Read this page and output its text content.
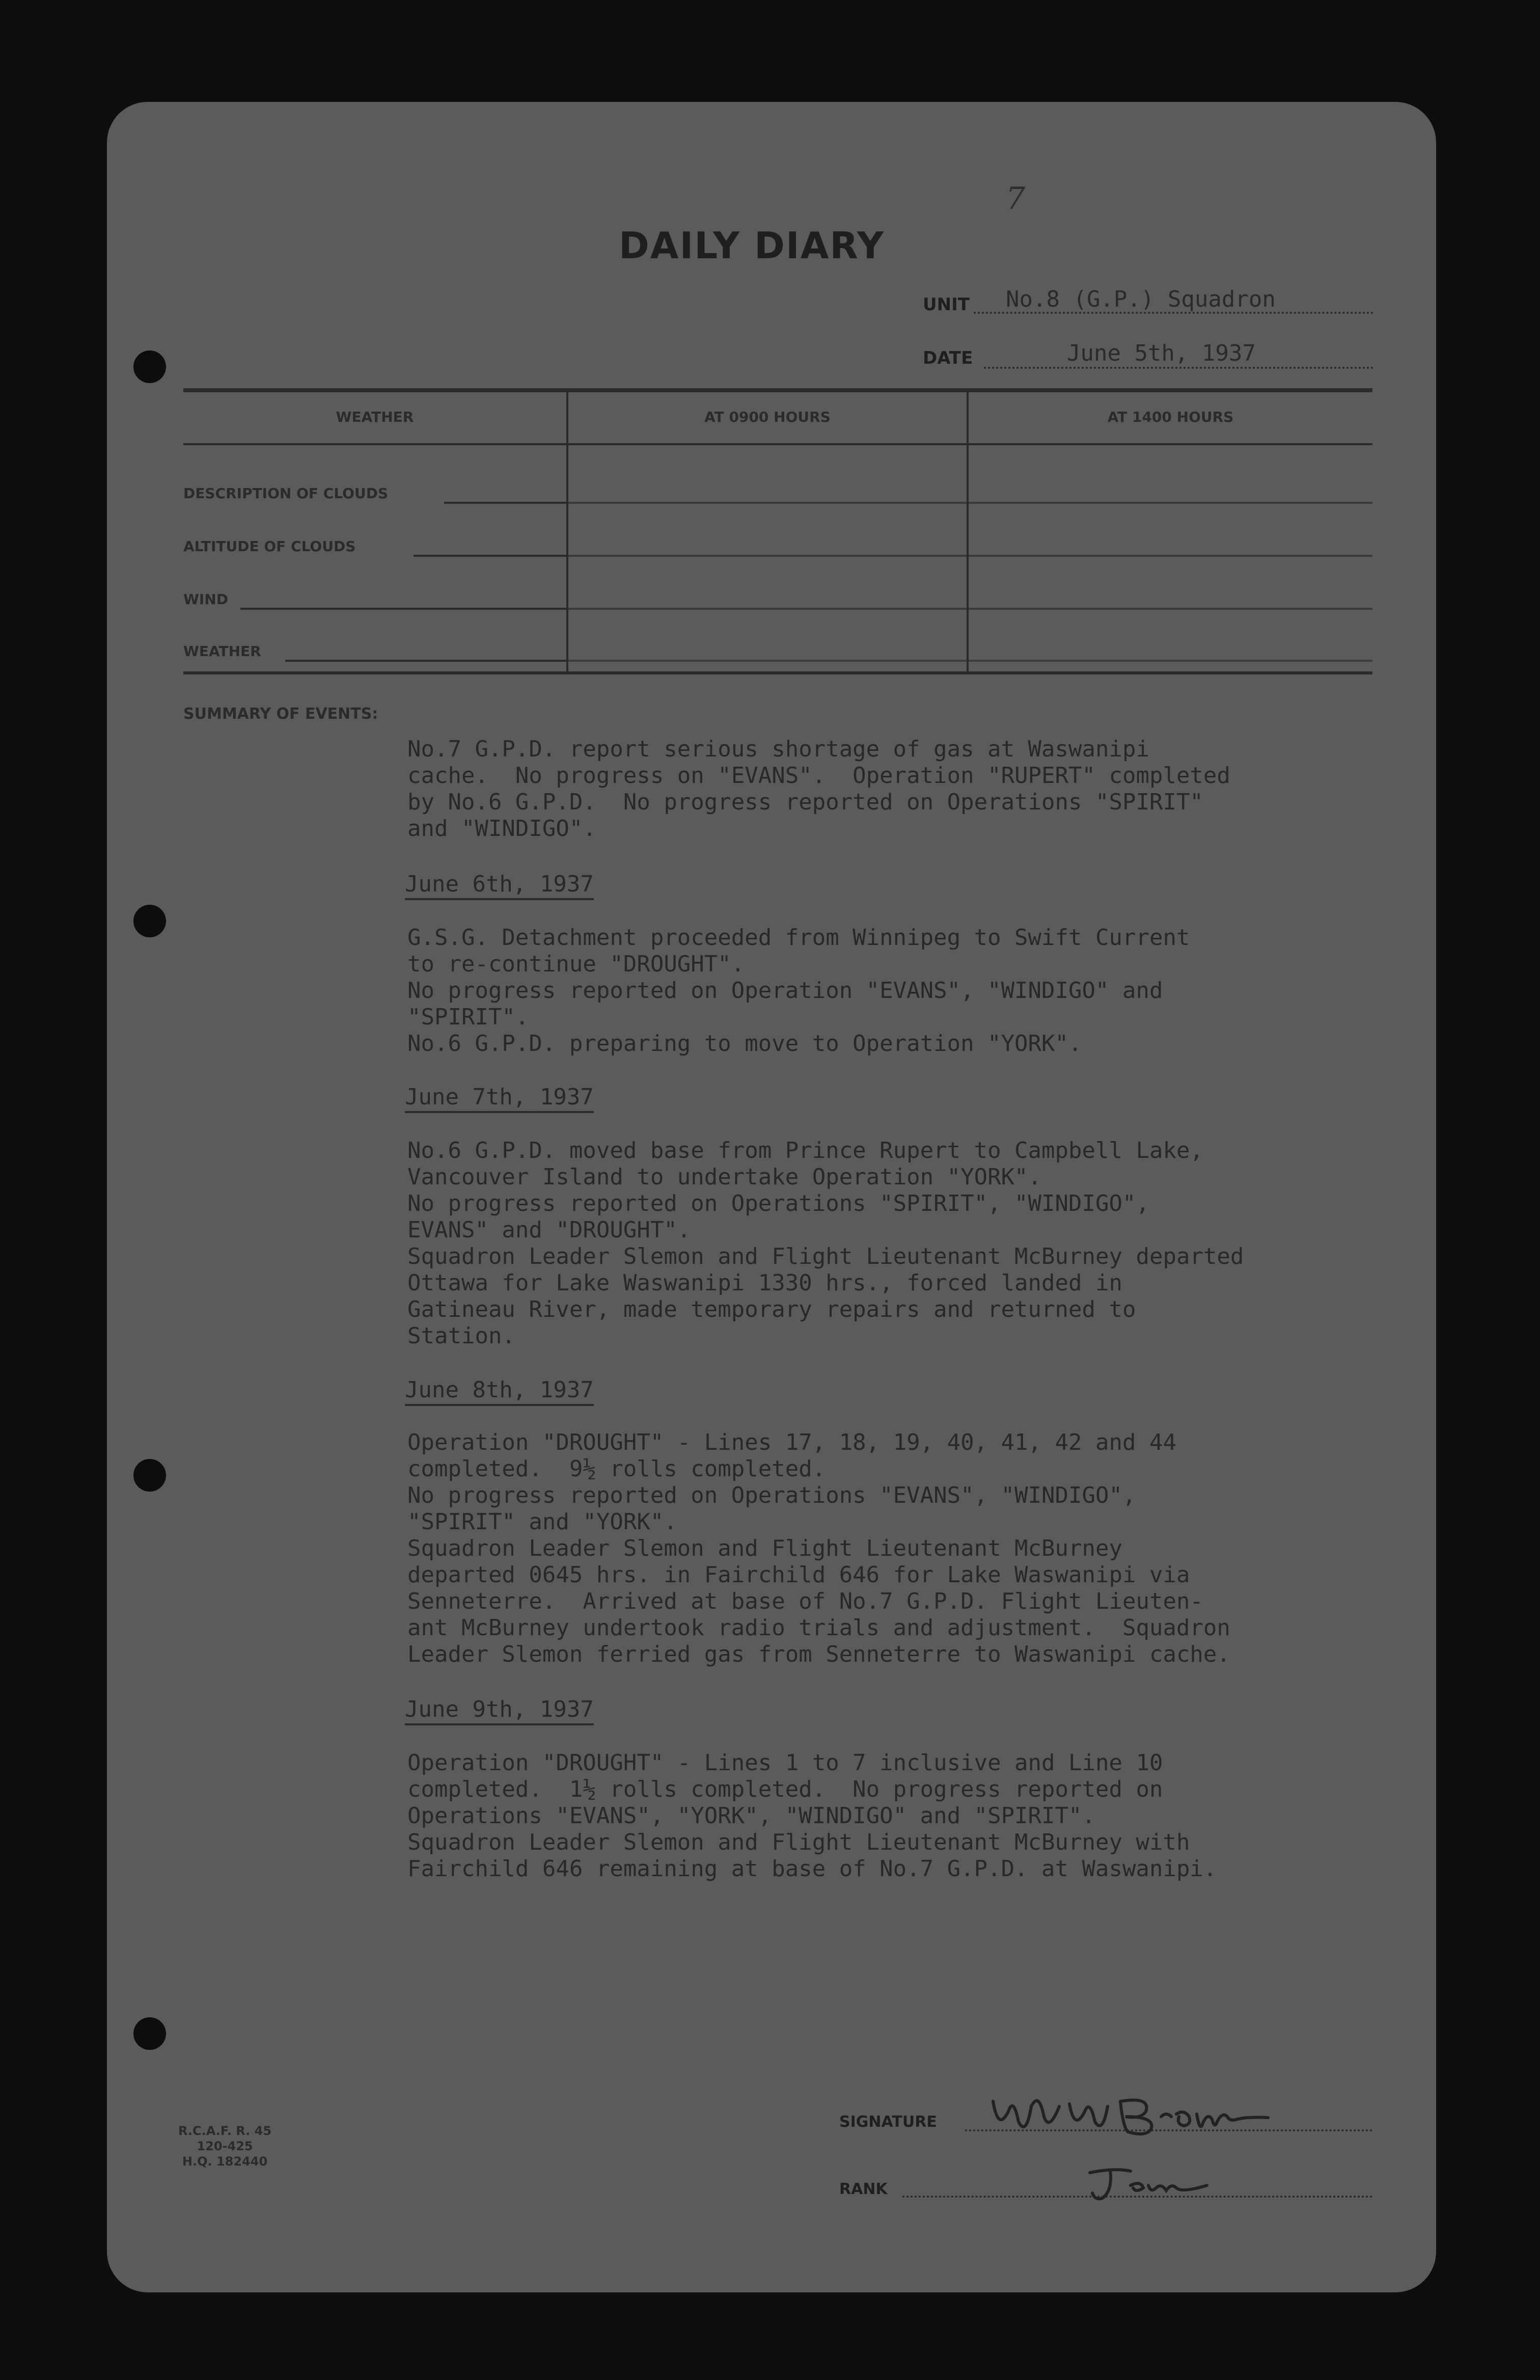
7
DAILY DIARY
UNIT No.8 (G.P.) Squadron
DATE	June 5th, 1937
WEATHER	AT 0900 HOURS	AT 1400 HOURS
DESCRIPTION OF CLOUDS
ALTITUDE OF CLOUDS
WIND
WEATHER
SUMMARY OF EVENTS:
No.7 G.P.D. report serious shortage of gas at Waswanipi
cache.  No progress on "EVANS".  Operation "RUPERT" completed
by No.6 G.P.D.  No progress reported on Operations "SPIRIT"
and "WINDIGO".
June 6th, 1937
G.S.G. Detachment proceeded from Winnipeg to Swift Current
to re-continue "DROUGHT".
No progress reported on Operation "EVANS", "WINDIGO" and
"SPIRIT".
No.6 G.P.D. preparing to move to Operation "YORK".
June 7th, 1937
No.6 G.P.D. moved base from Prince Rupert to Campbell Lake,
Vancouver Island to undertake Operation "YORK".
No progress reported on Operations "SPIRIT", "WINDIGO",
EVANS" and "DROUGHT".
Squadron Leader Slemon and Flight Lieutenant McBurney departed
Ottawa for Lake Waswanipi 1330 hrs., forced landed in
Gatineau River, made temporary repairs and returned to
Station.
June 8th, 1937
Operation "DROUGHT" - Lines 17, 18, 19, 40, 41, 42 and 44
completed.  9½ rolls completed.
No progress reported on Operations "EVANS", "WINDIGO",
"SPIRIT" and "YORK".
Squadron Leader Slemon and Flight Lieutenant McBurney
departed 0645 hrs. in Fairchild 646 for Lake Waswanipi via
Senneterre.  Arrived at base of No.7 G.P.D. Flight Lieuten-
ant McBurney undertook radio trials and adjustment.  Squadron
Leader Slemon ferried gas from Senneterre to Waswanipi cache.
June 9th, 1937
Operation "DROUGHT" - Lines 1 to 7 inclusive and Line 10
completed.  1½ rolls completed.  No progress reported on
Operations "EVANS", "YORK", "WINDIGO" and "SPIRIT".
Squadron Leader Slemon and Flight Lieutenant McBurney with
Fairchild 646 remaining at base of No.7 G.P.D. at Waswanipi.
R.C.A.F. R. 45
120-425
H.Q. 182440
SIGNATURE
RANK
